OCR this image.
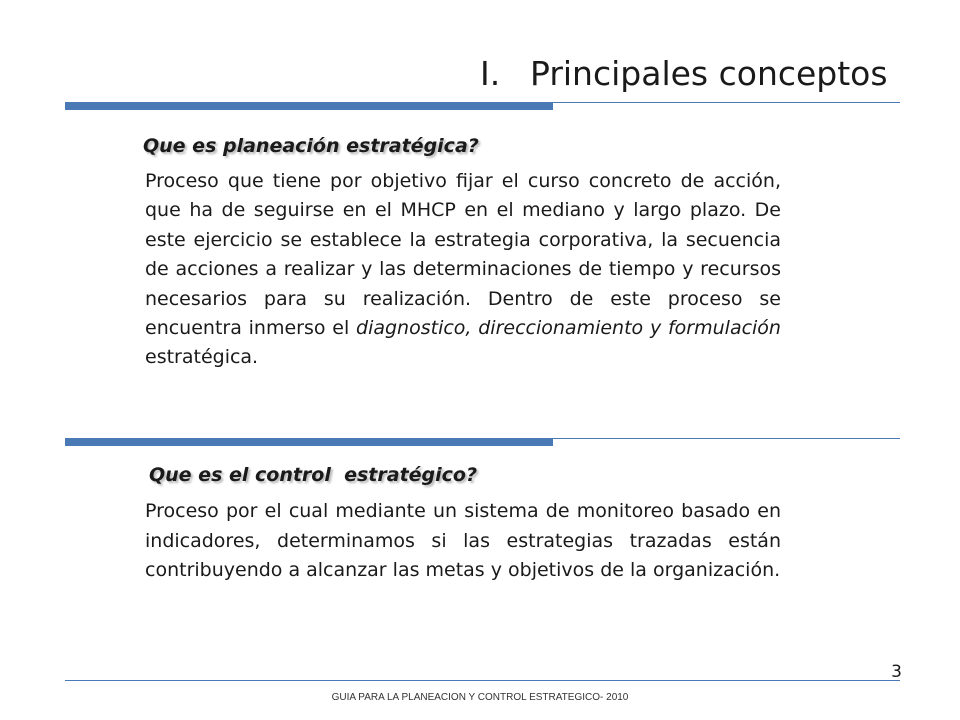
I. Principales conceptos
Que es planeación estratégica?
Proceso que tiene por objetivo fijar el curso concreto de acción, que ha de seguirse en el MHCP en el mediano y largo plazo. De este ejercicio se establece la estrategia corporativa, la secuencia de acciones a realizar y las determinaciones de tiempo y recursos necesarios para su realización. Dentro de este proceso se encuentra inmerso el diagnostico, direccionamiento y formulación estratégica.
Que es el control  estratégico?
Proceso por el cual mediante un sistema de monitoreo basado en indicadores, determinamos si las estrategias trazadas están contribuyendo a alcanzar las metas y objetivos de la organización.
3
GUIA PARA LA PLANEACION Y CONTROL ESTRATEGICO- 2010
